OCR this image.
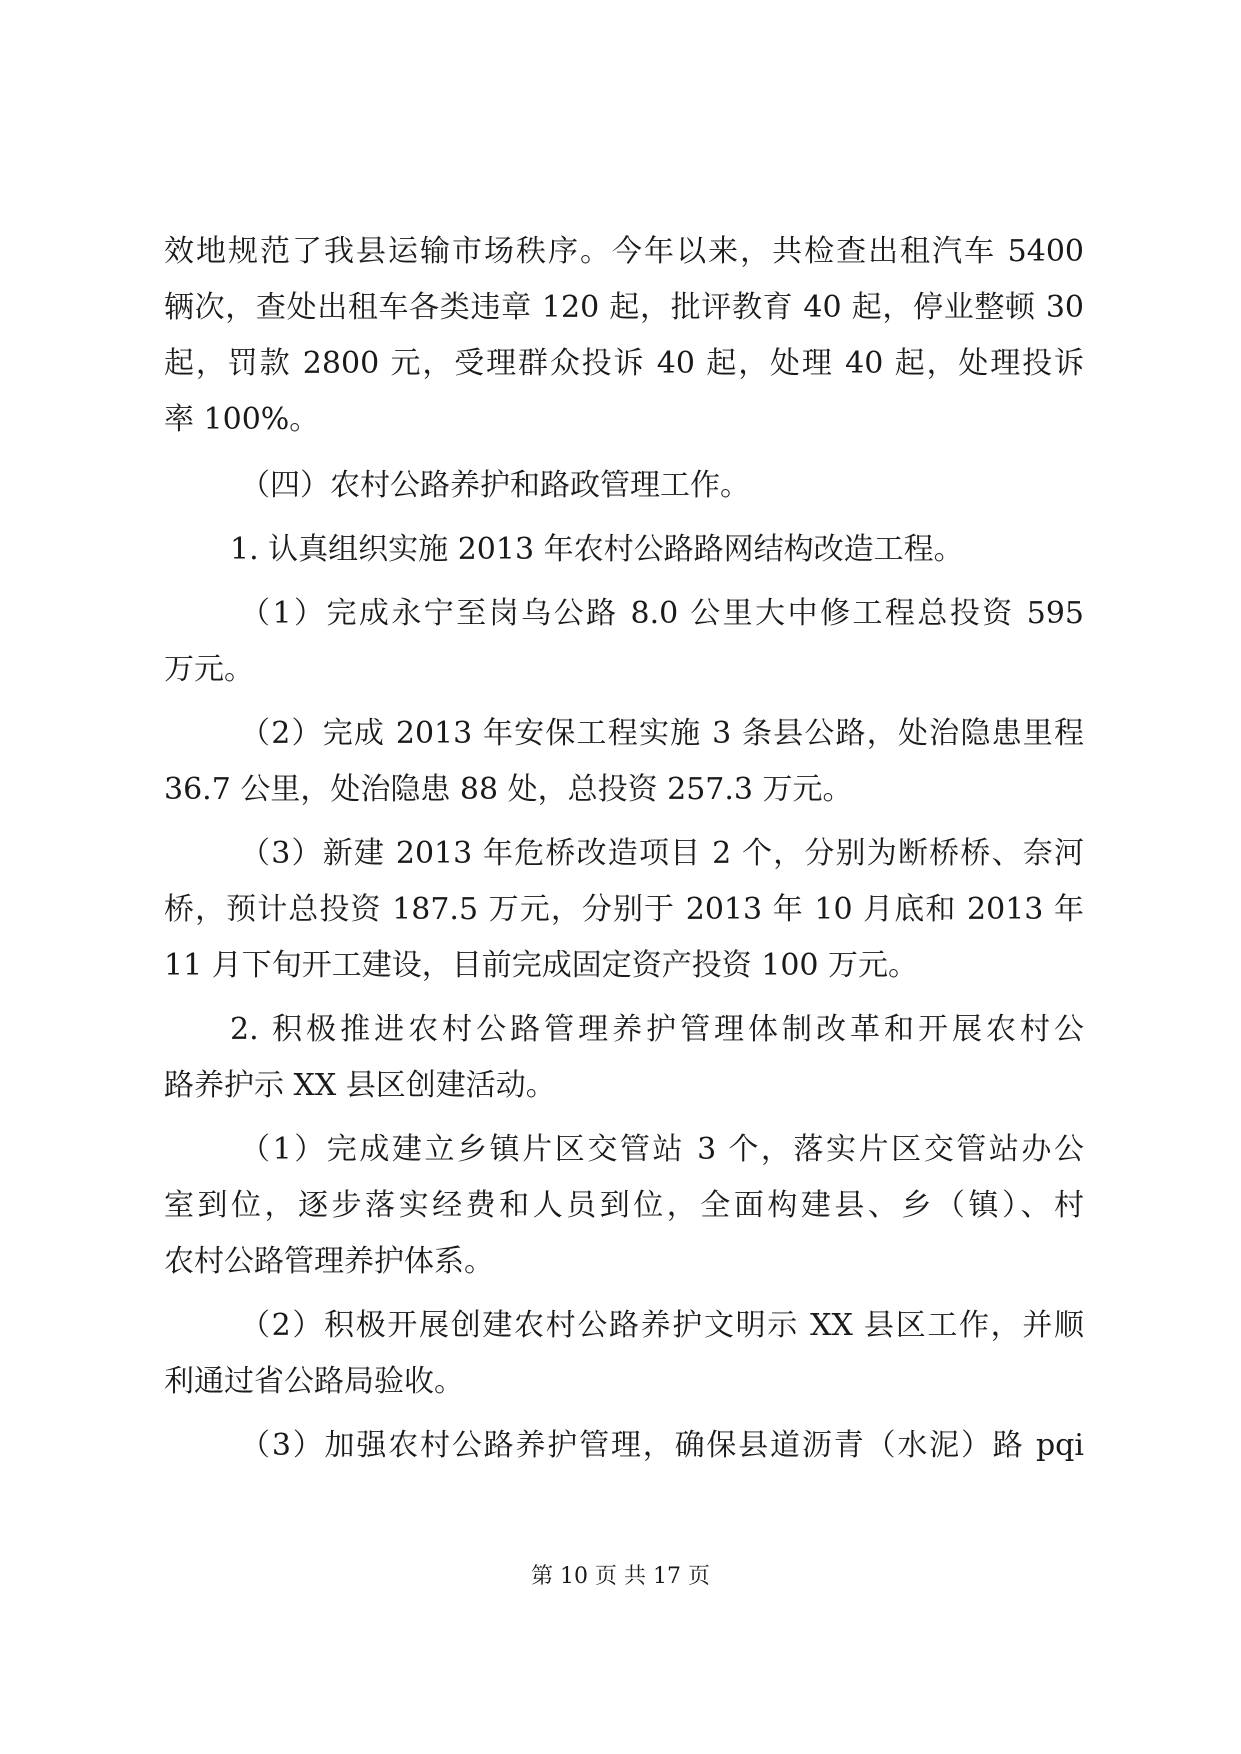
效地规范了我县运输市场秩序。今年以来，共检查出租汽车 5400
辆次，查处出租车各类违章 120 起，批评教育 40 起，停业整顿 30
起，罚款 2800 元，受理群众投诉 40 起，处理 40 起，处理投诉
率 100%。
（四）农村公路养护和路政管理工作。
1. 认真组织实施 2013 年农村公路路网结构改造工程。
（1）完成永宁至岗乌公路 8.0 公里大中修工程总投资 595
万元。
（2）完成 2013 年安保工程实施 3 条县公路，处治隐患里程
36.7 公里，处治隐患 88 处，总投资 257.3 万元。
（3）新建 2013 年危桥改造项目 2 个，分别为断桥桥、奈河
桥，预计总投资 187.5 万元，分别于 2013 年 10 月底和 2013 年
11 月下旬开工建设，目前完成固定资产投资 100 万元。
2. 积极推进农村公路管理养护管理体制改革和开展农村公
路养护示 XX 县区创建活动。
（1）完成建立乡镇片区交管站 3 个，落实片区交管站办公
室到位，逐步落实经费和人员到位，全面构建县、乡（镇）、村
农村公路管理养护体系。
（2）积极开展创建农村公路养护文明示 XX 县区工作，并顺
利通过省公路局验收。
（3）加强农村公路养护管理，确保县道沥青（水泥）路 pqi
第 10 页 共 17 页
